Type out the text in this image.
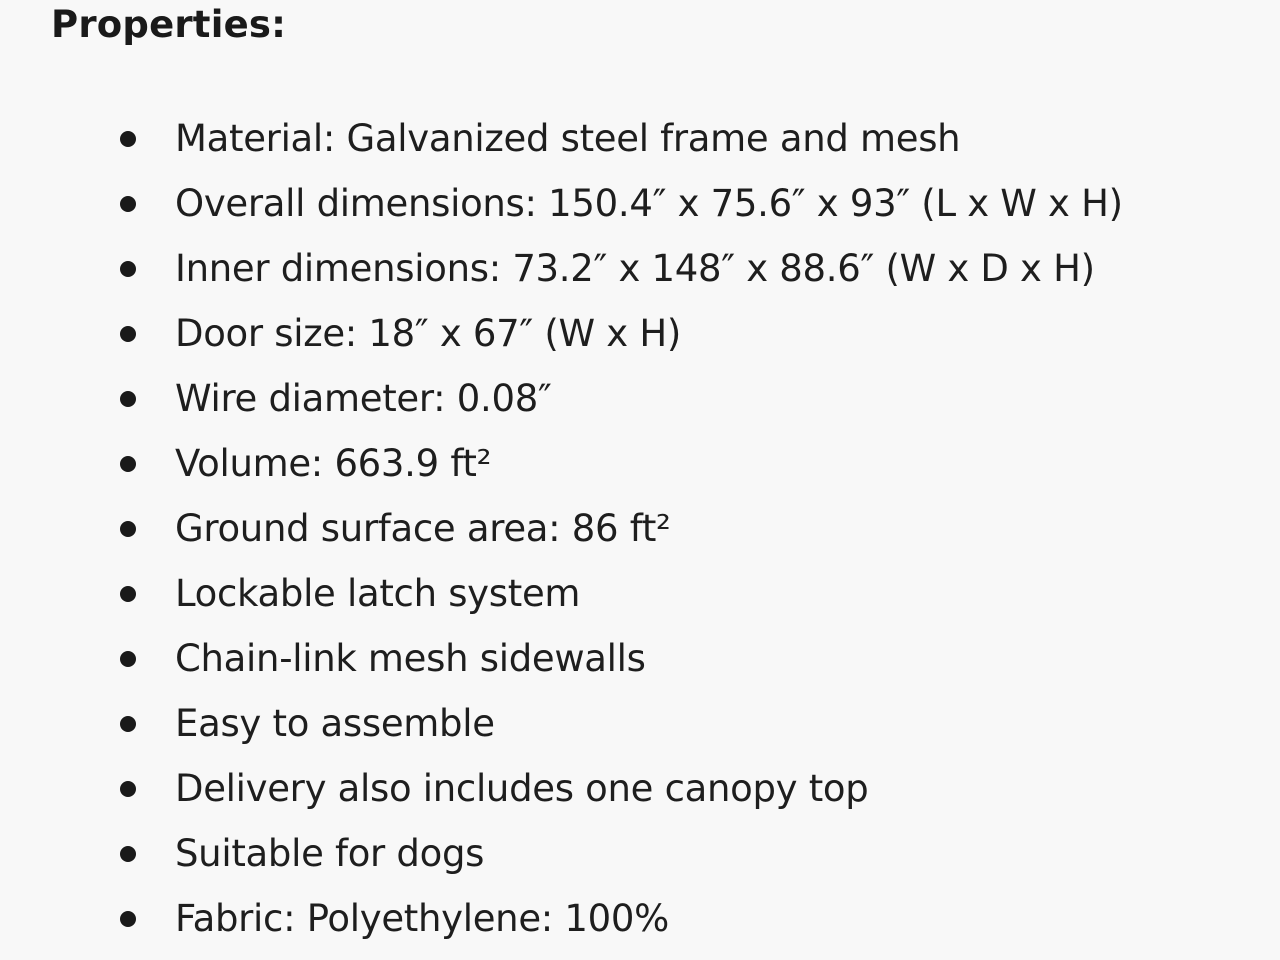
Properties:
Material: Galvanized steel frame and mesh
Overall dimensions: 150.4″ x 75.6″ x 93″ (L x W x H)
Inner dimensions: 73.2″ x 148″ x 88.6″ (W x D x H)
Door size: 18″ x 67″ (W x H)
Wire diameter: 0.08″
Volume: 663.9 ft²
Ground surface area: 86 ft²
Lockable latch system
Chain-link mesh sidewalls
Easy to assemble
Delivery also includes one canopy top
Suitable for dogs
Fabric: Polyethylene: 100%
